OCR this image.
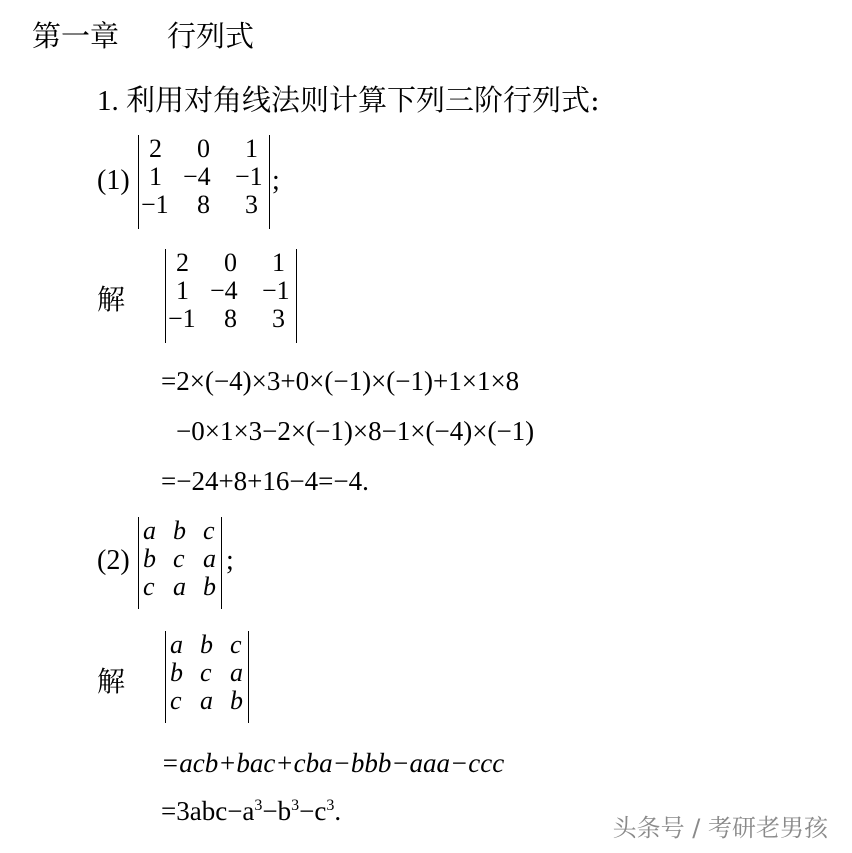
第一章 行列式
1. 利用对角线法则计算下列三阶行列式:
(1)
2 0 1
1 −4 −1
−1 8 3
;
解
2 0 1
1 −4 −1
−1 8 3
=2×(−4)×3+0×(−1)×(−1)+1×1×8
−0×1×3−2×(−1)×8−1×(−4)×(−1)
=−24+8+16−4=−4.
(2)
a b c
b c a
c a b
;
解
a b c
b c a
c a b
=acb+bac+cba−bbb−aaa−ccc
$=3abc-a^3-b^3-c^3$.
头条号 / 考研老男孩
